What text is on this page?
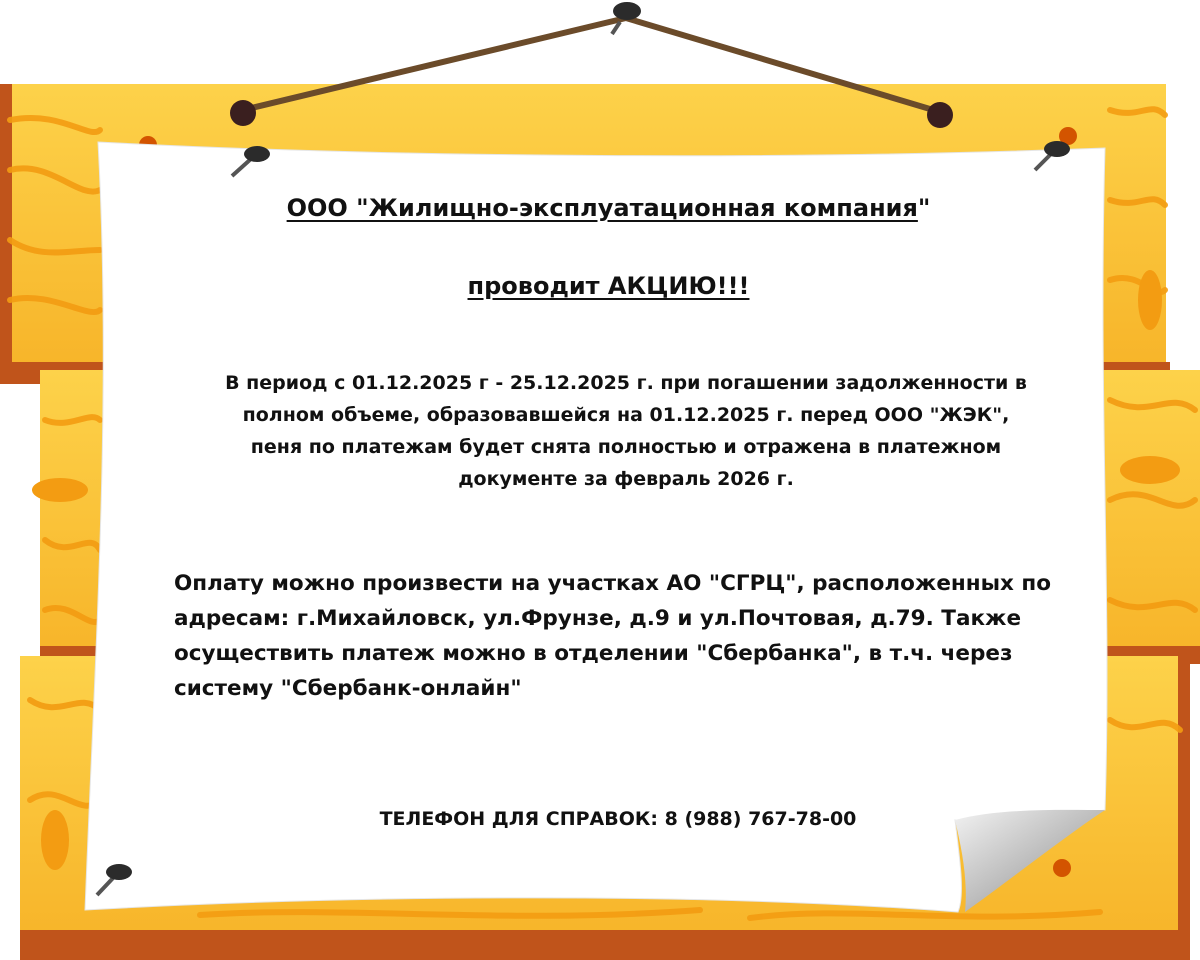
ООО "Жилищно-эксплуатационная компания"

проводит АКЦИЮ!!!

В период с 01.12.2025 г - 25.12.2025 г. при погашении задолженности в полном объеме, образовавшейся на 01.12.2025 г. перед ООО "ЖЭК", пеня по платежам будет снята полностью и отражена в платежном документе за февраль 2026 г.

Оплату можно произвести на участках АО "СГРЦ", расположенных по адресам: г.Михайловск, ул.Фрунзе, д.9 и ул.Почтовая, д.79. Также осуществить платеж можно в отделении "Сбербанка", в т.ч. через систему "Сбербанк-онлайн"

ТЕЛЕФОН ДЛЯ СПРАВОК: 8 (988) 767-78-00
